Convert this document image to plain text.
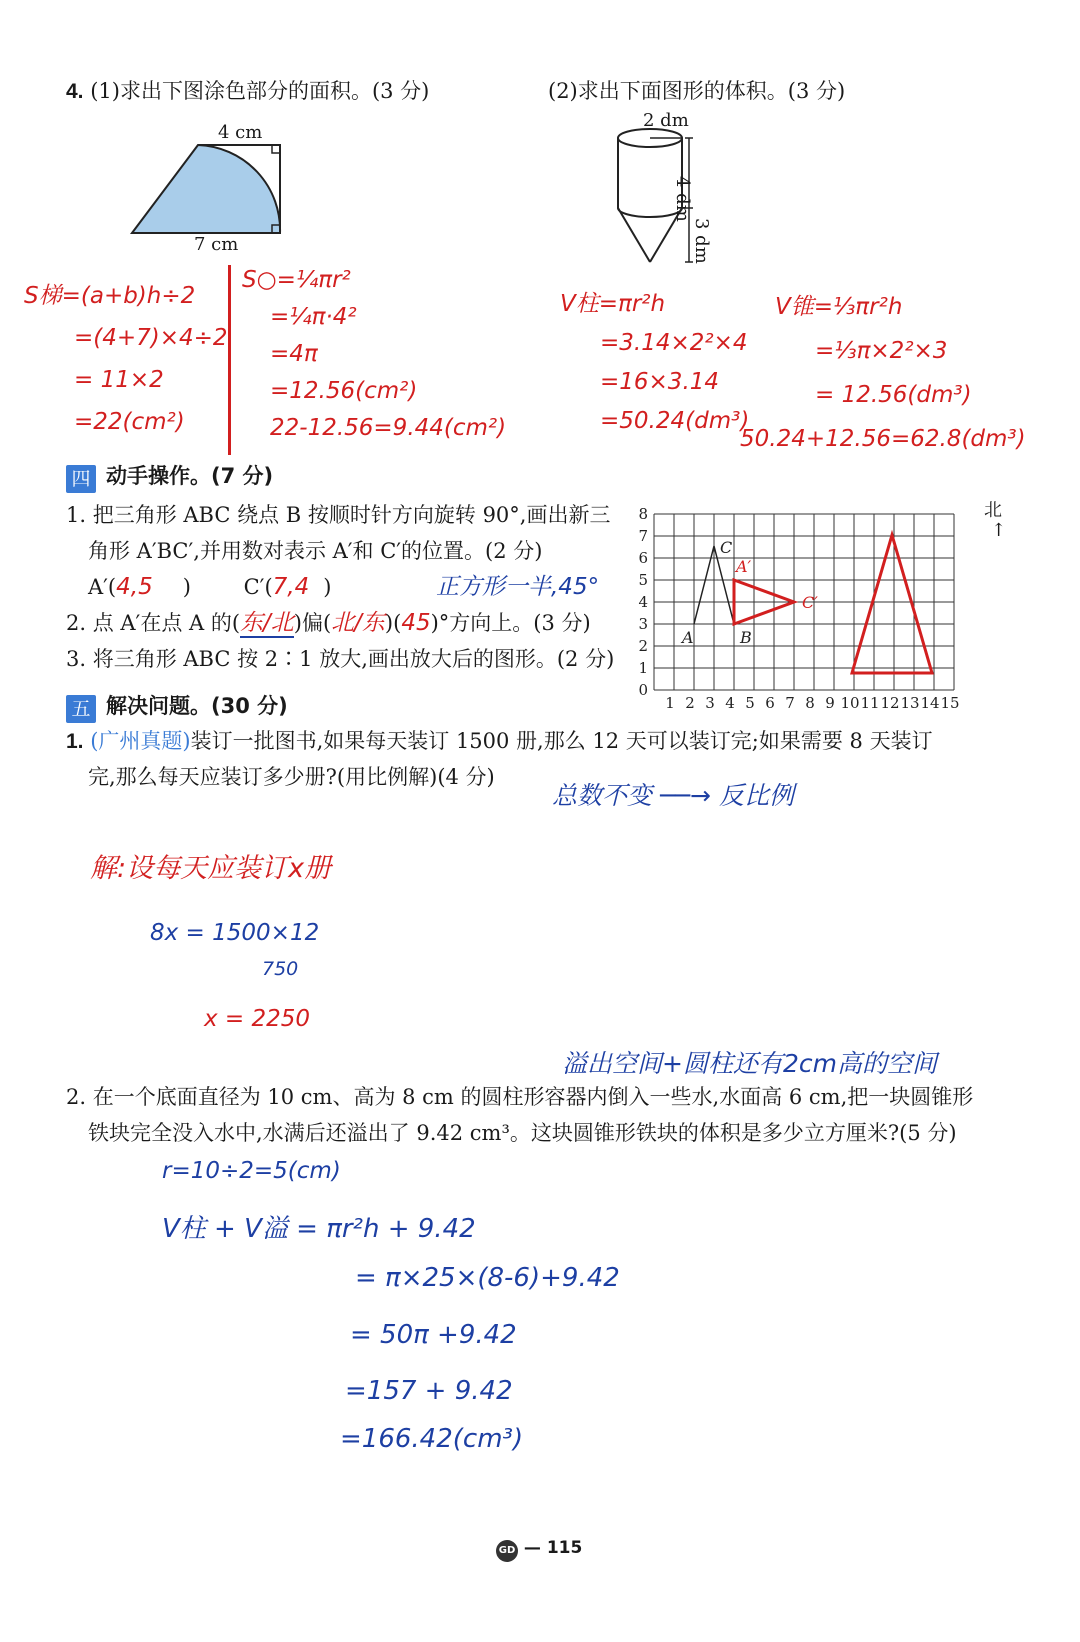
4. (1)求出下图涂色部分的面积。(3 分)	(2)求出下面图形的体积。(3 分)
4 cm
7 cm
2 dm
4 dm
3 dm
S梯=(a+b)h÷2
=(4+7)×4÷2
= 11×2
=22(cm²)
S○=¼πr²
=¼π·4²
=4π
=12.56(cm²)
22-12.56=9.44(cm²)
V柱=πr²h
=3.14×2²×4
=16×3.14
=50.24(dm³)
V锥=⅓πr²h
=⅓π×2²×3
= 12.56(dm³)
50.24+12.56=62.8(dm³)
四 动手操作。(7 分)
1. 把三角形 ABC 绕点 B 按顺时针方向旋转 90°,画出新三
角形 A′BC′,并用数对表示 A′和 C′的位置。(2 分)
A′(4,5 )	C′(7,4 )	正方形一半,45°
2. 点 A′在点 A 的(东/北)偏(北/东)(45)°方向上。(3 分)
3. 将三角形 ABC 按 2∶1 放大,画出放大后的图形。(2 分)
1 2 3 4 5 6 7 8 9 10 11 12 13 14 15
0
1
2
3
4
5
6
7
8
A	B
C
A′
C′
北
↑
五 解决问题。(30 分)
1. (广州真题)装订一批图书,如果每天装订 1500 册,那么 12 天可以装订完;如果需要 8 天装订
完,那么每天应装订多少册?(用比例解)(4 分)
总数不变 ──→ 反比例
解:设每天应装订x册
8x = 1500×12
750
x = 2250
溢出空间+圆柱还有2cm高的空间
2. 在一个底面直径为 10 cm、高为 8 cm 的圆柱形容器内倒入一些水,水面高 6 cm,把一块圆锥形
铁块完全没入水中,水满后还溢出了 9.42 cm³。这块圆锥形铁块的体积是多少立方厘米?(5 分)
r=10÷2=5(cm)
V柱 + V溢 = πr²h + 9.42
= π×25×(8-6)+9.42
= 50π +9.42
=157 + 9.42
=166.42(cm³)
GD — 115
